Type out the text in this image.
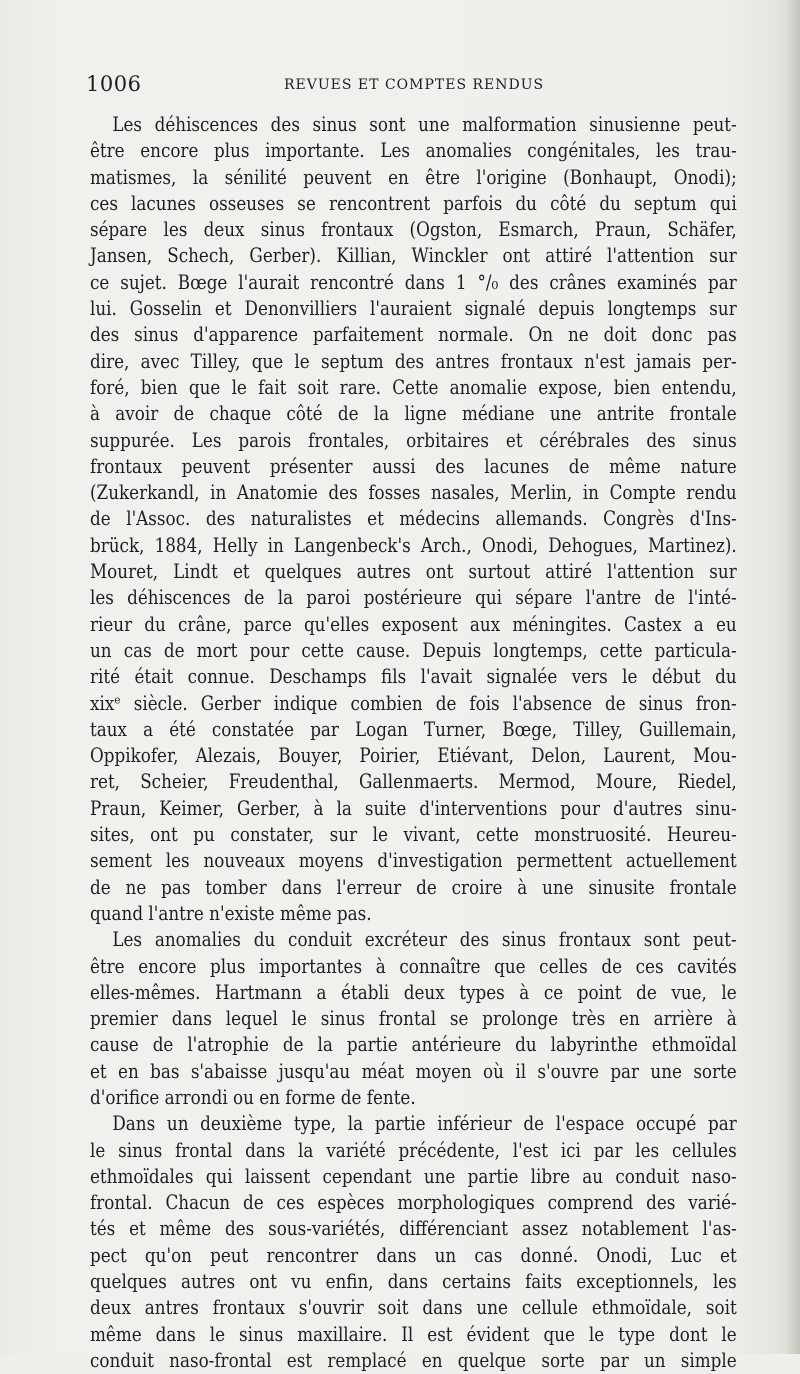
1006	REVUES ET COMPTES RENDUS
Les déhiscences des sinus sont une malformation sinusienne peut-
être encore plus importante. Les anomalies congénitales, les trau-
matismes, la sénilité peuvent en être l'origine (Bonhaupt, Onodi);
ces lacunes osseuses se rencontrent parfois du côté du septum qui
sépare les deux sinus frontaux (Ogston, Esmarch, Praun, Schäfer,
Jansen, Schech, Gerber). Killian, Winckler ont attiré l'attention sur
ce sujet. Bœge l'aurait rencontré dans 1 °/₀ des crânes examinés par
lui. Gosselin et Denonvilliers l'auraient signalé depuis longtemps sur
des sinus d'apparence parfaitement normale. On ne doit donc pas
dire, avec Tilley, que le septum des antres frontaux n'est jamais per-
foré, bien que le fait soit rare. Cette anomalie expose, bien entendu,
à avoir de chaque côté de la ligne médiane une antrite frontale
suppurée. Les parois frontales, orbitaires et cérébrales des sinus
frontaux peuvent présenter aussi des lacunes de même nature
(Zukerkandl, in Anatomie des fosses nasales, Merlin, in Compte rendu
de l'Assoc. des naturalistes et médecins allemands. Congrès d'Ins-
brück, 1884, Helly in Langenbeck's Arch., Onodi, Dehogues, Martinez).
Mouret, Lindt et quelques autres ont surtout attiré l'attention sur
les déhiscences de la paroi postérieure qui sépare l'antre de l'inté-
rieur du crâne, parce qu'elles exposent aux méningites. Castex a eu
un cas de mort pour cette cause. Depuis longtemps, cette particula-
rité était connue. Deschamps fils l'avait signalée vers le début du
xixᵉ siècle. Gerber indique combien de fois l'absence de sinus fron-
taux a été constatée par Logan Turner, Bœge, Tilley, Guillemain,
Oppikofer, Alezais, Bouyer, Poirier, Etiévant, Delon, Laurent, Mou-
ret, Scheier, Freudenthal, Gallenmaerts. Mermod, Moure, Riedel,
Praun, Keimer, Gerber, à la suite d'interventions pour d'autres sinu-
sites, ont pu constater, sur le vivant, cette monstruosité. Heureu-
sement les nouveaux moyens d'investigation permettent actuellement
de ne pas tomber dans l'erreur de croire à une sinusite frontale
quand l'antre n'existe même pas.
Les anomalies du conduit excréteur des sinus frontaux sont peut-
être encore plus importantes à connaître que celles de ces cavités
elles-mêmes. Hartmann a établi deux types à ce point de vue, le
premier dans lequel le sinus frontal se prolonge très en arrière à
cause de l'atrophie de la partie antérieure du labyrinthe ethmoïdal
et en bas s'abaisse jusqu'au méat moyen où il s'ouvre par une sorte
d'orifice arrondi ou en forme de fente.
Dans un deuxième type, la partie inférieur de l'espace occupé par
le sinus frontal dans la variété précédente, l'est ici par les cellules
ethmoïdales qui laissent cependant une partie libre au conduit naso-
frontal. Chacun de ces espèces morphologiques comprend des varié-
tés et même des sous-variétés, différenciant assez notablement l'as-
pect qu'on peut rencontrer dans un cas donné. Onodi, Luc et
quelques autres ont vu enfin, dans certains faits exceptionnels, les
deux antres frontaux s'ouvrir soit dans une cellule ethmoïdale, soit
même dans le sinus maxillaire. Il est évident que le type dont le
conduit naso-frontal est remplacé en quelque sorte par un simple
